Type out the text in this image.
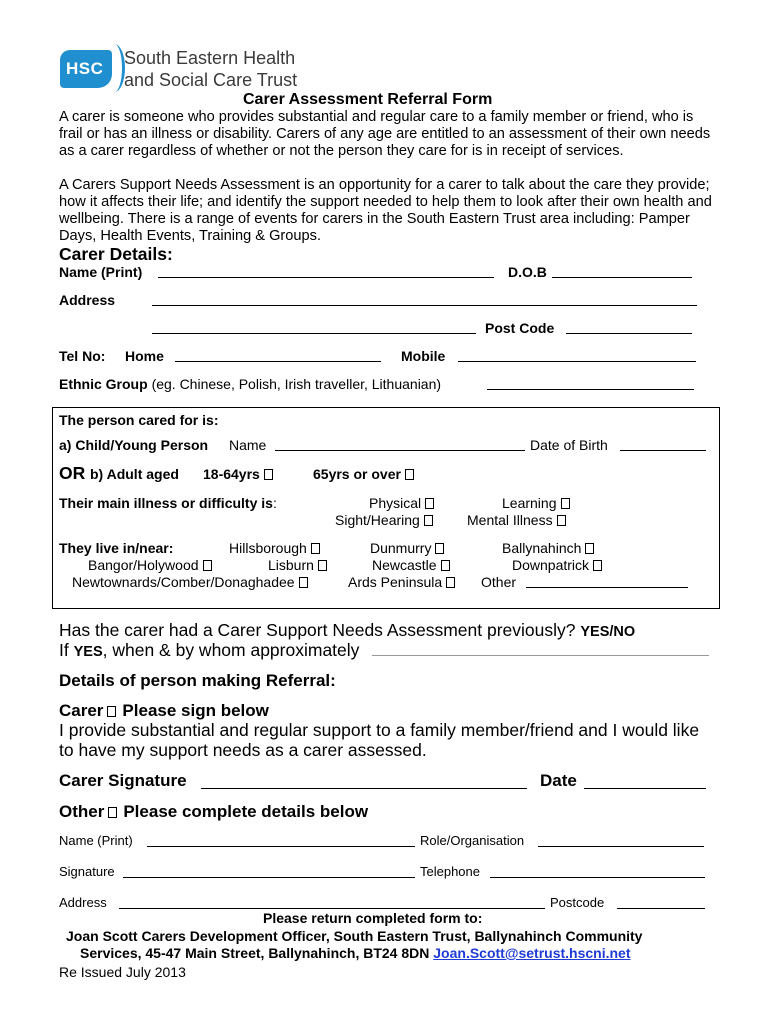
HSC
South Eastern Health
and Social Care Trust
Carer Assessment Referral Form
A carer is someone who provides substantial and regular care to a family member or friend, who is frail or has an illness or disability. Carers of any age are entitled to an assessment of their own needs as a carer regardless of whether or not the person they care for is in receipt of services.
A Carers Support Needs Assessment is an opportunity for a carer to talk about the care they provide; how it affects their life; and identify the support needed to help them to look after their own health and wellbeing. There is a range of events for carers in the South Eastern Trust area including: Pamper Days, Health Events, Training & Groups.
Carer Details:
Name (Print)	D.O.B
Address
Post Code
Tel No: Home	Mobile
Ethnic Group (eg. Chinese, Polish, Irish traveller, Lithuanian)
The person cared for is:
a) Child/Young Person Name	Date of Birth
OR b) Adult aged 18-64yrs	65yrs or over
Their main illness or difficulty is:	Physical	Learning
Sight/Hearing	Mental Illness
They live in/near:	Hillsborough	Dunmurry	Ballynahinch
Bangor/Holywood	Lisburn	Newcastle	Downpatrick
Newtownards/Comber/Donaghadee	Ards Peninsula	Other
Has the carer had a Carer Support Needs Assessment previously? YES/NO
If YES, when & by whom approximately
Details of person making Referral:
Carer Please sign below
I provide substantial and regular support to a family member/friend and I would like to have my support needs as a carer assessed.
Carer Signature	Date
Other Please complete details below
Name (Print)	Role/Organisation
Signature	Telephone
Address	Postcode
Please return completed form to:
Joan Scott Carers Development Officer, South Eastern Trust, Ballynahinch Community
Services, 45-47 Main Street, Ballynahinch, BT24 8DN Joan.Scott@setrust.hscni.net
Re Issued July 2013
